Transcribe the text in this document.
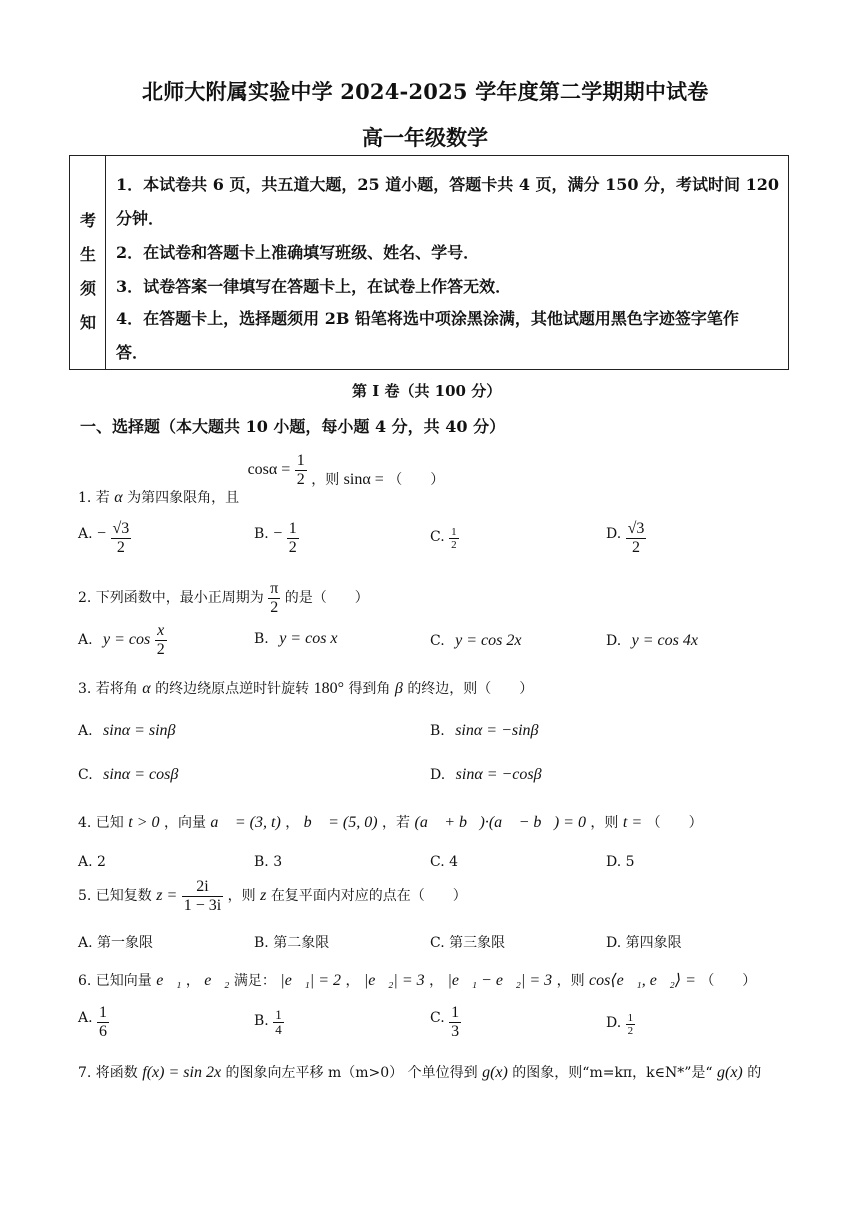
北师大附属实验中学 2024-2025 学年度第二学期期中试卷
高一年级数学
考
生
须
知
1．本试卷共 6 页，共五道大题，25 道小题，答题卡共 4 页，满分 150 分，考试时间 120
分钟．
2．在试卷和答题卡上准确填写班级、姓名、学号．
3．试卷答案一律填写在答题卡上，在试卷上作答无效．
4．在答题卡上，选择题须用 2B 铅笔将选中项涂黑涂满，其他试题用黑色字迹签字笔作
答．
第 I 卷（共 100 分）
一、选择题（本大题共 10 小题，每小题 4 分，共 40 分）
1. 若 α 为第四象限角，且 $\cos\alpha = \frac{1}{2}$ ，则 sinα = （　　）
A. − $\frac{√3}{2}$	B. − $\frac{1}{2}$	C. $\frac{1}{2}$	D. $\frac{√3}{2}$
2. 下列函数中，最小正周期为 $\frac{\pi}{2}$ 的是（　　）
A. $y = \cos \frac{x}{2}$	B. y = cos x	C. y = cos 2x	D. y = cos 4x
3. 若将角 α 的终边绕原点逆时针旋转 180° 得到角 β 的终边，则（　　）
A. sinα = sinβ	B. sinα = −sinβ
C. sinα = cosβ	D. sinα = −cosβ
4. 已知 t > 0 ，向量 a⃗ = (3, t) ， b⃗ = (5, 0) ，若 (a⃗ + b⃗)·(a⃗ − b⃗) = 0 ，则 t = （　　）
A. 2	B. 3	C. 4	D. 5
5. 已知复数 $z = \frac{2i}{1 - 3i}$ ，则 z 在复平面内对应的点在（　　）
A. 第一象限	B. 第二象限	C. 第三象限	D. 第四象限
6. 已知向量 e⃗₁ ， e⃗₂ 满足： |e⃗₁| = 2 ， |e⃗₂| = 3 ， |e⃗₁ − e⃗₂| = 3 ，则 cos⟨e⃗₁, e⃗₂⟩ = （　　）
A. $\frac{1}{6}$	B. $\frac{1}{4}$	C. $\frac{1}{3}$	D. $\frac{1}{2}$
7. 将函数 f(x) = sin 2x 的图象向左平移 m（m>0） 个单位得到 g(x) 的图象，则“m=kπ，k∈N*”是“ g(x) 的
